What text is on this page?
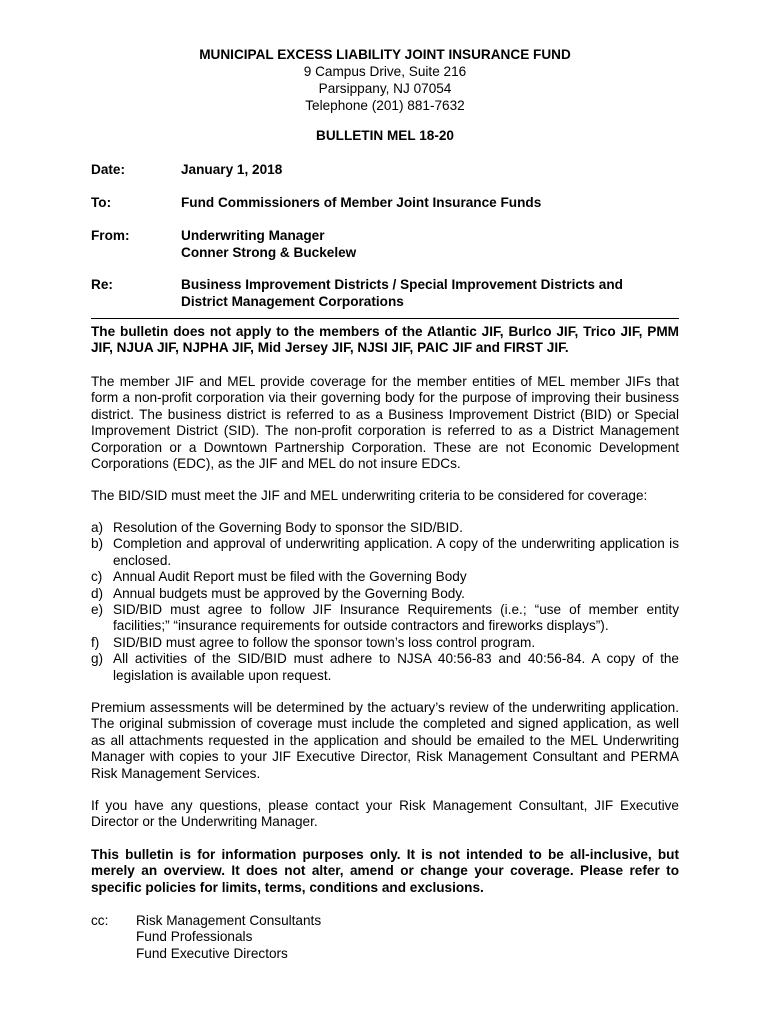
MUNICIPAL EXCESS LIABILITY JOINT INSURANCE FUND
9 Campus Drive, Suite 216
Parsippany, NJ 07054
Telephone (201) 881-7632
BULLETIN MEL 18-20
Date:	January 1, 2018
To:	Fund Commissioners of Member Joint Insurance Funds
From:	Underwriting Manager
Conner Strong & Buckelew
Re:	Business Improvement Districts / Special Improvement Districts and
District Management Corporations
The bulletin does not apply to the members of the Atlantic JIF, Burlco JIF, Trico JIF, PMM JIF, NJUA JIF, NJPHA JIF, Mid Jersey JIF, NJSI JIF, PAIC JIF and FIRST JIF.
The member JIF and MEL provide coverage for the member entities of MEL member JIFs that form a non-profit corporation via their governing body for the purpose of improving their business district. The business district is referred to as a Business Improvement District (BID) or Special Improvement District (SID). The non-profit corporation is referred to as a District Management Corporation or a Downtown Partnership Corporation. These are not Economic Development Corporations (EDC), as the JIF and MEL do not insure EDCs.
The BID/SID must meet the JIF and MEL underwriting criteria to be considered for coverage:
a) Resolution of the Governing Body to sponsor the SID/BID.
b) Completion and approval of underwriting application. A copy of the underwriting application is enclosed.
c) Annual Audit Report must be filed with the Governing Body
d) Annual budgets must be approved by the Governing Body.
e) SID/BID must agree to follow JIF Insurance Requirements (i.e.; “use of member entity facilities;” “insurance requirements for outside contractors and fireworks displays”).
f) SID/BID must agree to follow the sponsor town’s loss control program.
g) All activities of the SID/BID must adhere to NJSA 40:56-83 and 40:56-84. A copy of the legislation is available upon request.
Premium assessments will be determined by the actuary’s review of the underwriting application. The original submission of coverage must include the completed and signed application, as well as all attachments requested in the application and should be emailed to the MEL Underwriting Manager with copies to your JIF Executive Director, Risk Management Consultant and PERMA Risk Management Services.
If you have any questions, please contact your Risk Management Consultant, JIF Executive Director or the Underwriting Manager.
This bulletin is for information purposes only. It is not intended to be all-inclusive, but merely an overview. It does not alter, amend or change your coverage. Please refer to specific policies for limits, terms, conditions and exclusions.
cc: Risk Management Consultants
Fund Professionals
Fund Executive Directors
